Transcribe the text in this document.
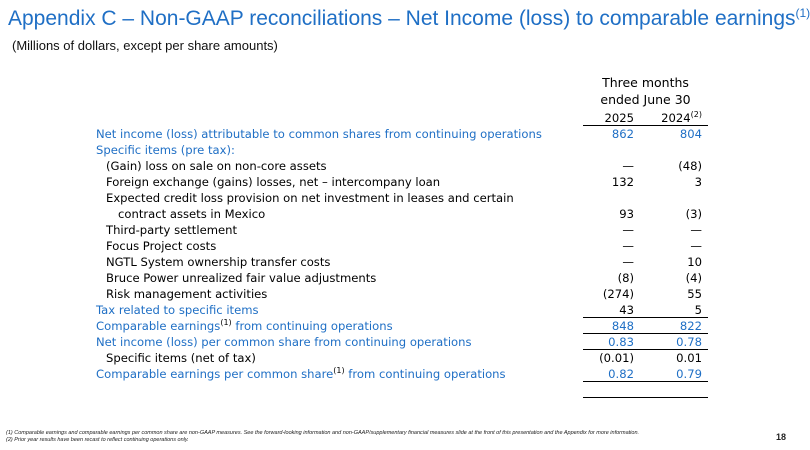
Appendix C – Non-GAAP reconciliations – Net Income (loss) to comparable earnings$^{(1)}$
(Millions of dollars, except per share amounts)
Three months
ended June 30
2025	2024$^{(2)}$
Net income (loss) attributable to common shares from continuing operations	862	804
Specific items (pre tax):
(Gain) loss on sale on non-core assets	—	(48)
Foreign exchange (gains) losses, net – intercompany loan	132	3
Expected credit loss provision on net investment in leases and certain
contract assets in Mexico	93	(3)
Third-party settlement	—	—
Focus Project costs	—	—
NGTL System ownership transfer costs	—	10
Bruce Power unrealized fair value adjustments	(8)	(4)
Risk management activities	(274)	55
Tax related to specific items	43	5
Comparable earnings$^{(1)}$ from continuing operations	848	822
Net income (loss) per common share from continuing operations	0.83	0.78
Specific items (net of tax)	(0.01)	0.01
Comparable earnings per common share$^{(1)}$ from continuing operations	0.82	0.79
(1) Comparable earnings and comparable earnings per common share are non-GAAP measures. See the forward-looking information and non-GAAP/supplementary financial measures slide at the front of this presentation and the Appendix for more information.
(2) Prior year results have been recast to reflect continuing operations only.	18
